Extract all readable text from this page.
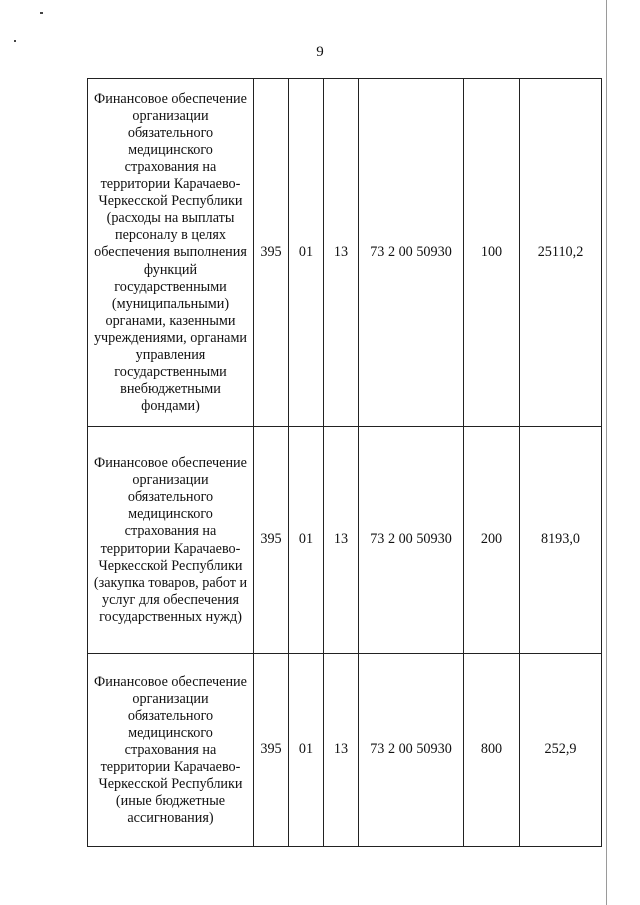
9
Финансовое обеспечение организации обязательного медицинского страхования на территории Карачаево-Черкесской Республики (расходы на выплаты персоналу в целях обеспечения выполнения функций государственными (муниципальными) органами, казенными учреждениями, органами управления государственными внебюджетными фондами)	395	01	13	73 2 00 50930	100	25110,2
Финансовое обеспечение организации обязательного медицинского страхования на территории Карачаево-Черкесской Республики (закупка товаров, работ и услуг для обеспечения государственных нужд)	395	01	13	73 2 00 50930	200	8193,0
Финансовое обеспечение организации обязательного медицинского страхования на территории Карачаево-Черкесской Республики (иные бюджетные ассигнования)	395	01	13	73 2 00 50930	800	252,9
